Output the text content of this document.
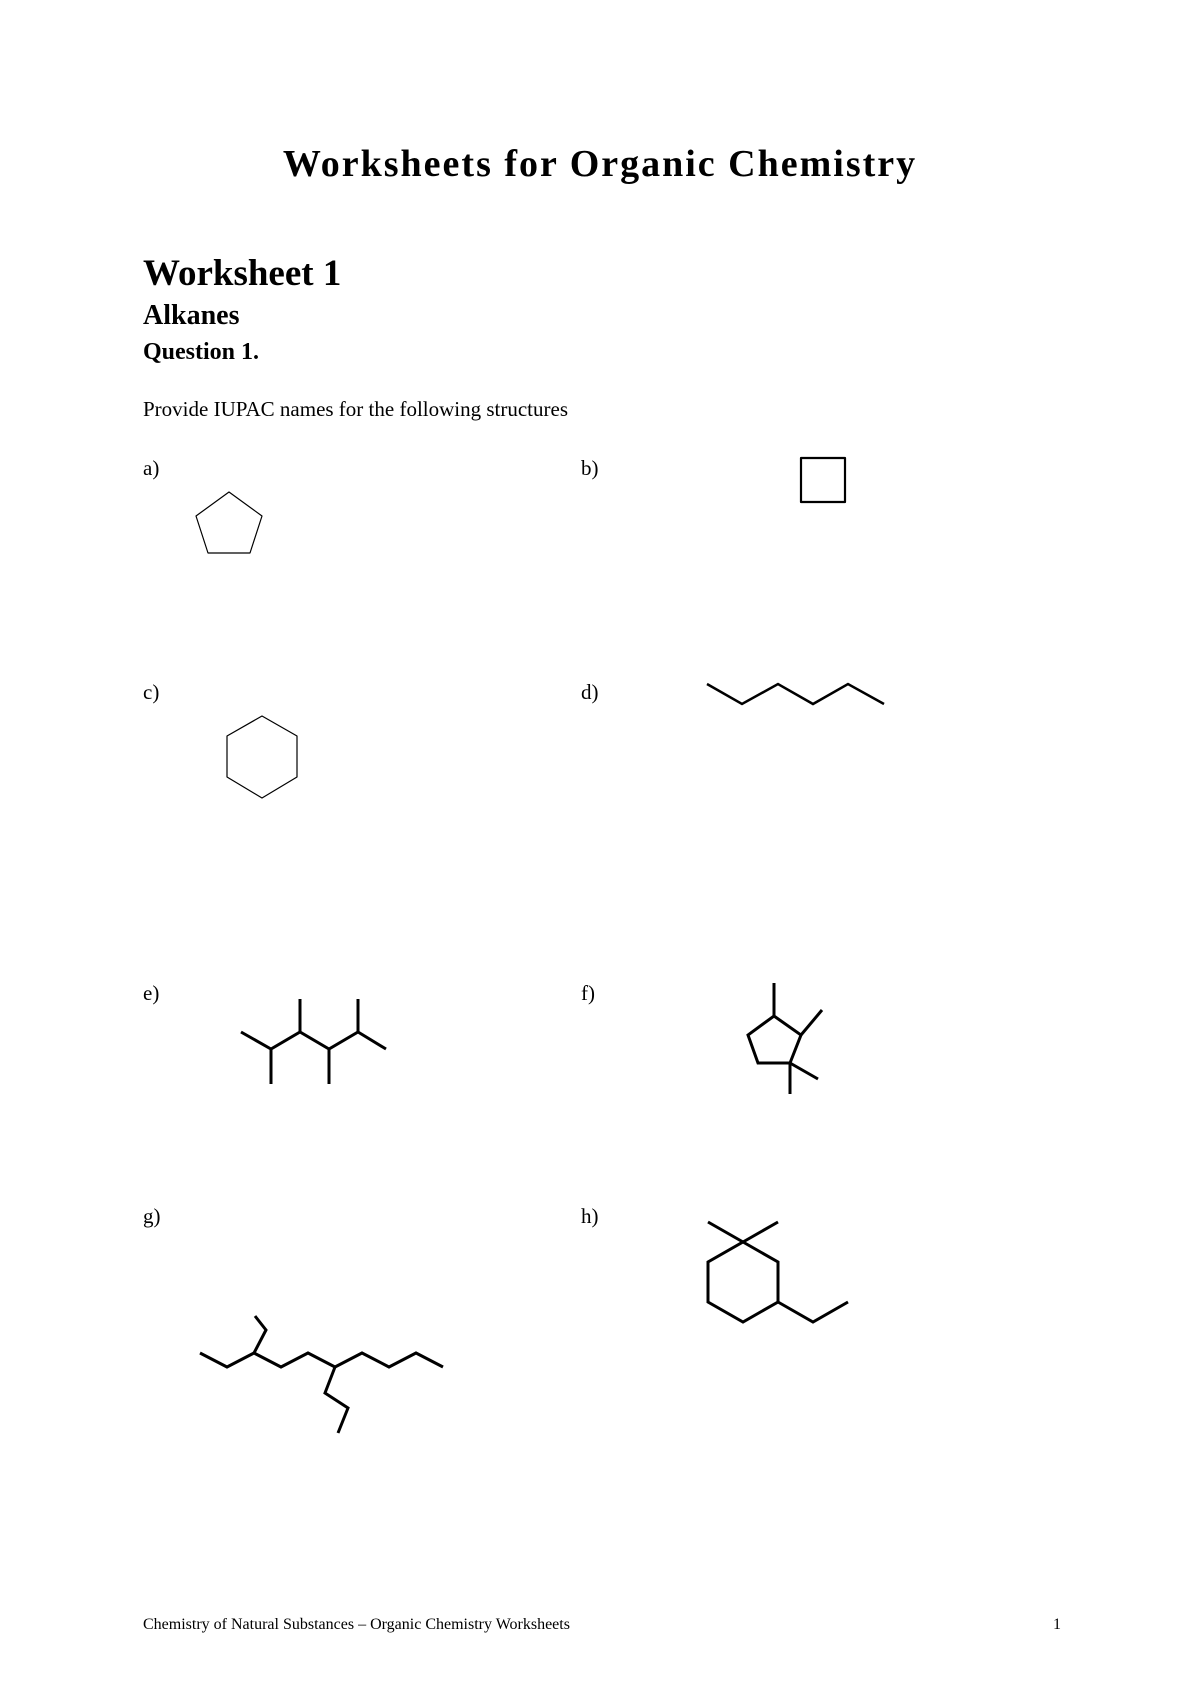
Worksheets for Organic Chemistry
Worksheet 1
Alkanes
Question 1.

Provide IUPAC names for the following structures

a)	b)
c)	d)
e)	f)
g)	h)
Chemistry of Natural Substances – Organic Chemistry Worksheets	1
